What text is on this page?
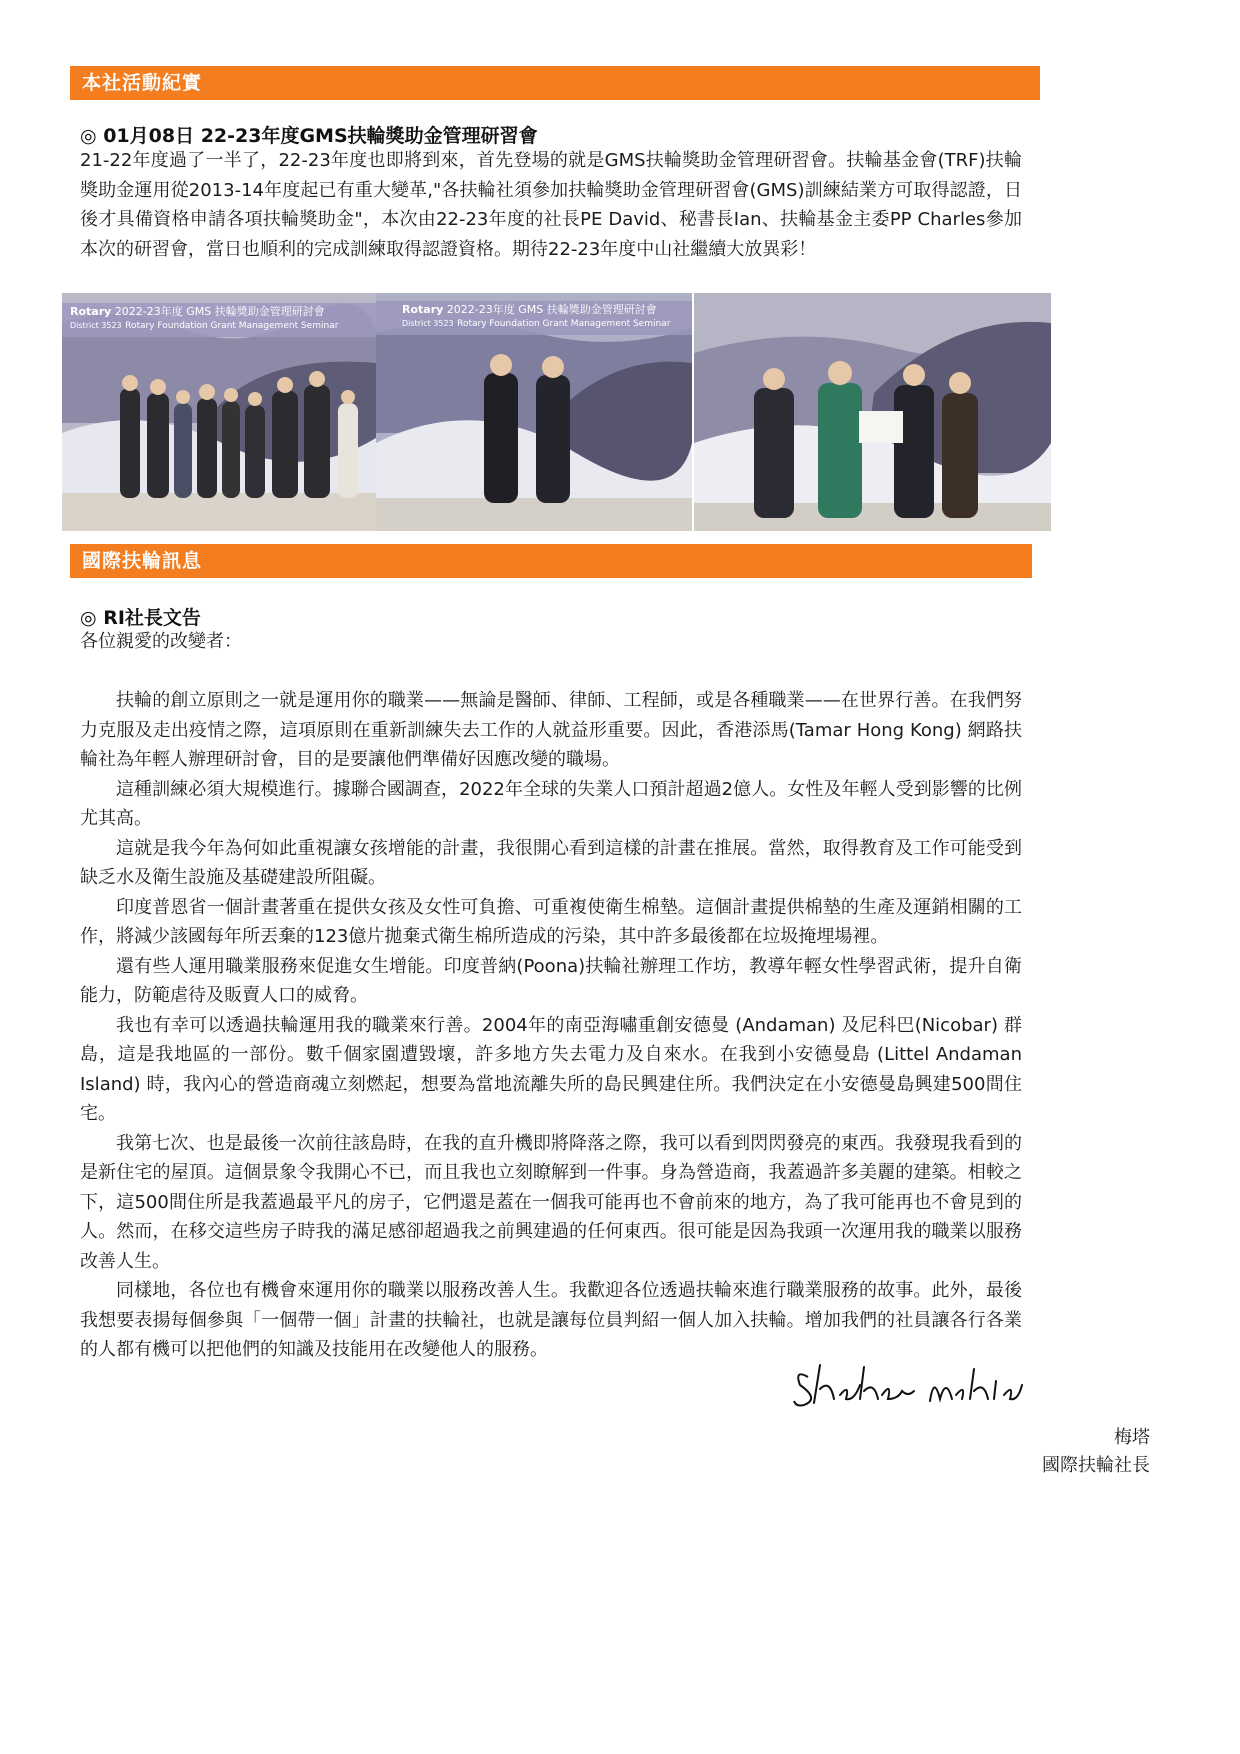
本社活動紀實
◎ 01月08日 22-23年度GMS扶輪獎助金管理研習會

21-22年度過了一半了，22-23年度也即將到來，首先登場的就是GMS扶輪獎助金管理研習會。扶輪基金會(TRF)扶輪獎助金運用從2013-14年度起已有重大變革,"各扶輪社須參加扶輪獎助金管理研習會(GMS)訓練結業方可取得認證，日後才具備資格申請各項扶輪獎助金"，本次由22-23年度的社長PE David、秘書長Ian、扶輪基金主委PP Charles參加本次的研習會，當日也順利的完成訓練取得認證資格。期待22-23年度中山社繼續大放異彩！

Rotary 2022-23年度 GMS 扶輪獎助金管理研討會
District 3523 Rotary Foundation Grant Management Seminar
Rotary 2022-23年度 GMS 扶輪獎助金管理研討會
District 3523 Rotary Foundation Grant Management Seminar
國際扶輪訊息
◎ RI社長文告

各位親愛的改變者：

扶輪的創立原則之一就是運用你的職業——無論是醫師、律師、工程師，或是各種職業——在世界行善。在我們努力克服及走出疫情之際，這項原則在重新訓練失去工作的人就益形重要。因此，香港添馬(Tamar Hong Kong) 網路扶輪社為年輕人辦理研討會，目的是要讓他們準備好因應改變的職場。

這種訓練必須大規模進行。據聯合國調查，2022年全球的失業人口預計超過2億人。女性及年輕人受到影響的比例尤其高。

這就是我今年為何如此重視讓女孩增能的計畫，我很開心看到這樣的計畫在推展。當然，取得教育及工作可能受到缺乏水及衛生設施及基礎建設所阻礙。

印度普恩省一個計畫著重在提供女孩及女性可負擔、可重複使衛生棉墊。這個計畫提供棉墊的生產及運銷相關的工作，將減少該國每年所丟棄的123億片拋棄式衛生棉所造成的污染，其中許多最後都在垃圾掩埋場裡。

還有些人運用職業服務來促進女生增能。印度普納(Poona)扶輪社辦理工作坊，教導年輕女性學習武術，提升自衛能力，防範虐待及販賣人口的威脅。

我也有幸可以透過扶輪運用我的職業來行善。2004年的南亞海嘯重創安德曼 (Andaman) 及尼科巴(Nicobar) 群島，這是我地區的一部份。數千個家園遭毀壞，許多地方失去電力及自來水。在我到小安德曼島 (Littel Andaman Island) 時，我內心的營造商魂立刻燃起，想要為當地流離失所的島民興建住所。我們決定在小安德曼島興建500間住宅。

我第七次、也是最後一次前往該島時，在我的直升機即將降落之際，我可以看到閃閃發亮的東西。我發現我看到的是新住宅的屋頂。這個景象令我開心不已，而且我也立刻瞭解到一件事。身為營造商，我蓋過許多美麗的建築。相較之下，這500間住所是我蓋過最平凡的房子，它們還是蓋在一個我可能再也不會前來的地方，為了我可能再也不會見到的人。然而，在移交這些房子時我的滿足感卻超過我之前興建過的任何東西。很可能是因為我頭一次運用我的職業以服務改善人生。

同樣地，各位也有機會來運用你的職業以服務改善人生。我歡迎各位透過扶輪來進行職業服務的故事。此外，最後我想要表揚每個參與「一個帶一個」計畫的扶輪社，也就是讓每位員判紹一個人加入扶輪。增加我們的社員讓各行各業的人都有機可以把他們的知識及技能用在改變他人的服務。

梅塔
國際扶輪社長
